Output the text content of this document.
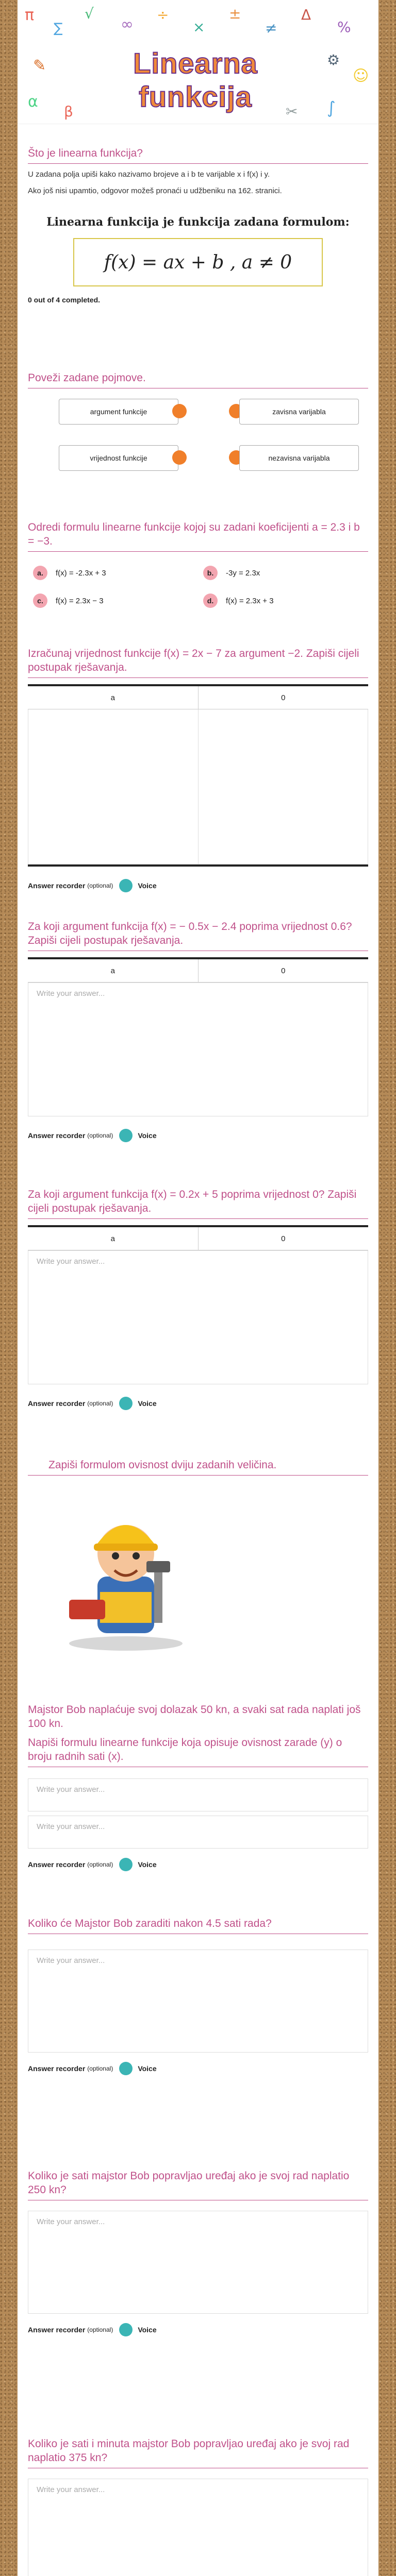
π
∑
√
∞
÷
×
±
≠
Δ
%
α
β	∫
☺
✎
✂
⚙
Linearna funkcija
Što je linearna funkcija?
U zadana polja upiši kako nazivamo brojeve a i b te varijable x i f(x) i y.
Ako još nisi upamtio, odgovor možeš pronaći u udžbeniku na 162. stranici.
Linearna funkcija je funkcija zadana formulom:
f(x) = ax + b , a ≠ 0
0 out of 4 completed.
Poveži zadane pojmove.
argument funkcije	zavisna varijabla
vrijednost funkcije	nezavisna varijabla
Odredi formulu linearne funkcije kojoj su zadani koeficijenti a = 2.3 i b = −3.
a.	f(x) = -2.3x + 3	b.	-3y = 2.3x
c.	f(x) = 2.3x − 3	d.	f(x) = 2.3x + 3
Izračunaj vrijednost funkcije f(x) = 2x − 7 za argument −2. Zapiši cijeli postupak rješavanja.
a	0
Answer recorder (optional)	Voice
Za koji argument funkcija f(x) = − 0.5x − 2.4 poprima vrijednost 0.6? Zapiši cijeli postupak rješavanja.
a	0
Write your answer...
Answer recorder (optional)	Voice
Za koji argument funkcija f(x) = 0.2x + 5 poprima vrijednost 0? Zapiši cijeli postupak rješavanja.
a	0
Write your answer...
Answer recorder (optional)	Voice
Zapiši formulom ovisnost dviju zadanih veličina.
Majstor Bob naplaćuje svoj dolazak 50 kn, a svaki sat rada naplati još 100 kn.
Napiši formulu linearne funkcije koja opisuje ovisnost zarade (y) o broju radnih sati (x).
Write your answer...
Write your answer...
Answer recorder (optional)	Voice
Koliko će Majstor Bob zaraditi nakon 4.5 sati rada?
Write your answer...
Answer recorder (optional)	Voice
Koliko je sati majstor Bob popravljao uređaj ako je svoj rad naplatio 250 kn?
Write your answer...
Answer recorder (optional)	Voice
Koliko je sati i minuta majstor Bob popravljao uređaj ako je svoj rad naplatio 375 kn?
Write your answer...
